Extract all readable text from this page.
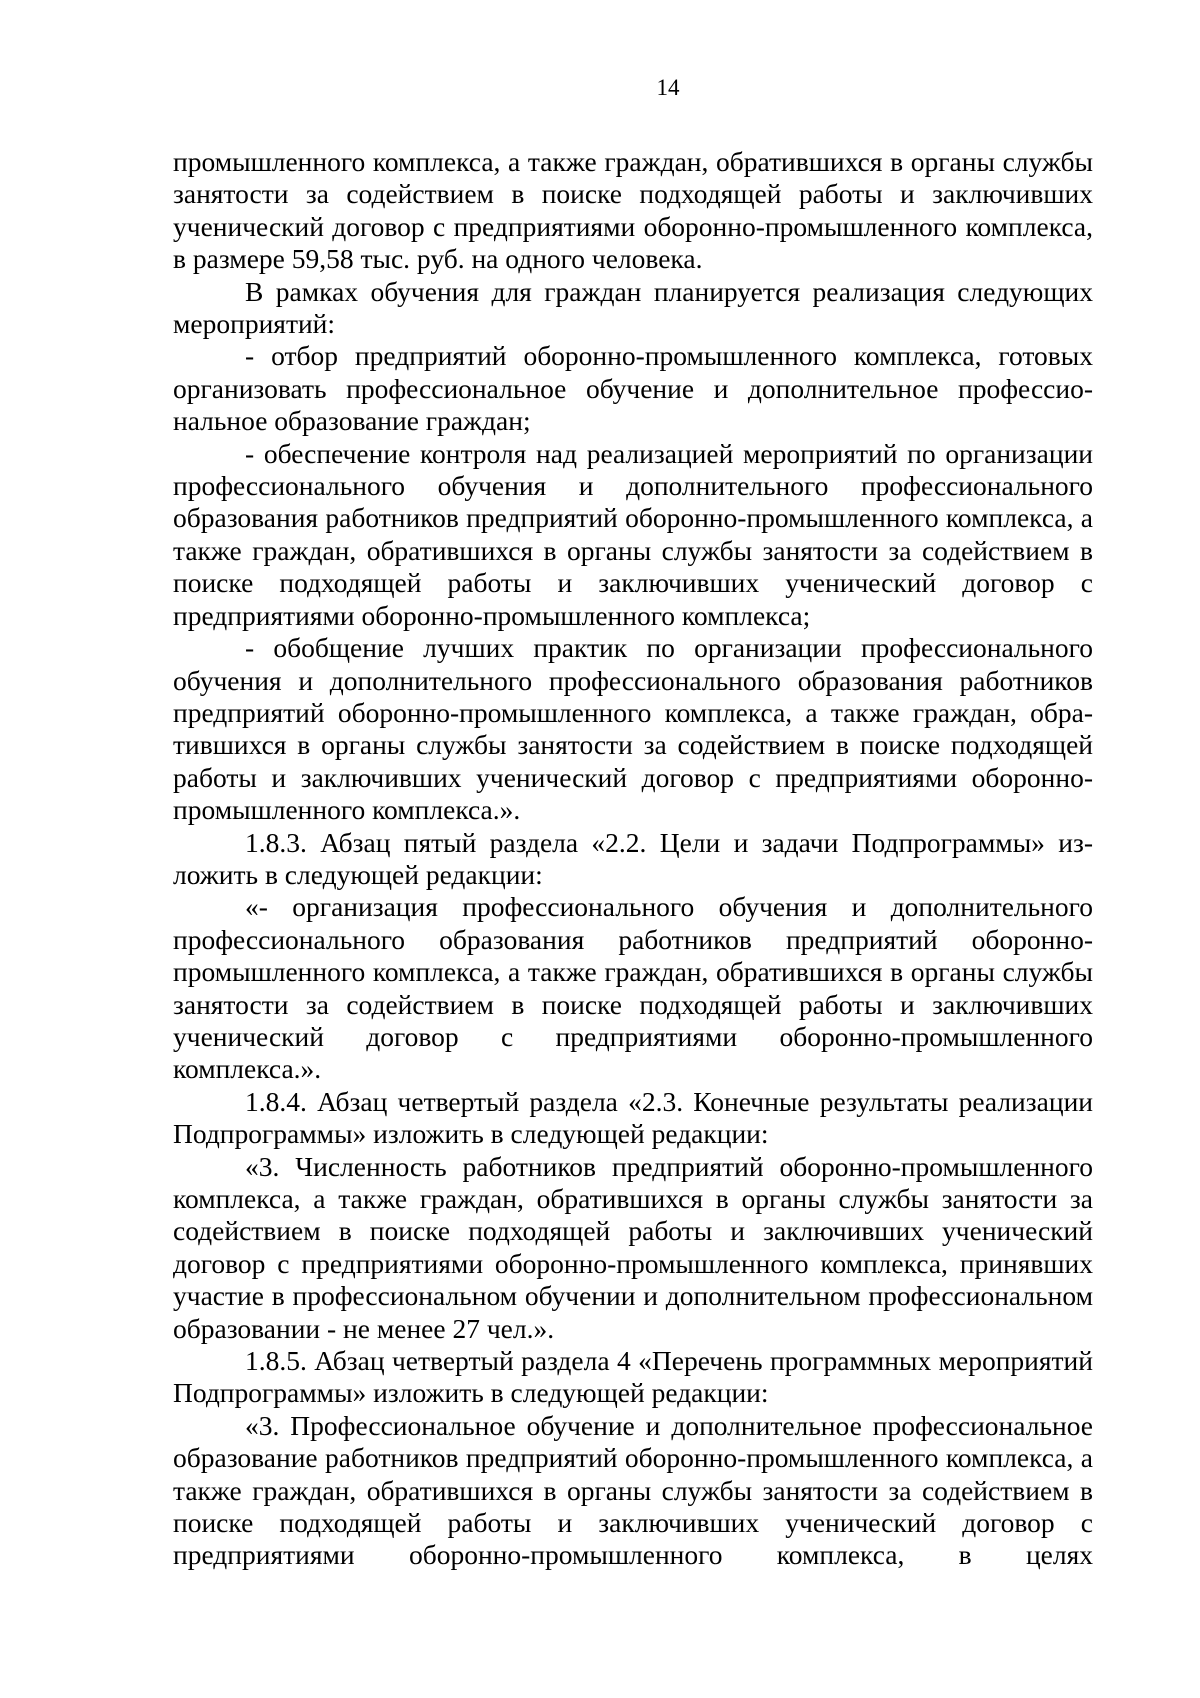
14

промышленного комплекса, а также граждан, обратившихся в органы службы занятости за содействием в поиске подходящей работы и заключивших ученический договор с предприятиями оборонно-промышленного комплекса, в размере 59,58 тыс. руб. на одного человека.

В рамках обучения для граждан планируется реализация следующих мероприятий:

- отбор предприятий оборонно-промышленного комплекса, готовых организовать профессиональное обучение и дополнительное профессиональное образование граждан;

- обеспечение контроля над реализацией мероприятий по организации профессионального обучения и дополнительного профессионального образования работников предприятий оборонно-промышленного комплекса, а также граждан, обратившихся в органы службы занятости за содействием в поиске подходящей работы и заключивших ученический договор с предприятиями оборонно-промышленного комплекса;

- обобщение лучших практик по организации профессионального обучения и дополнительного профессионального образования работников предприятий оборонно-промышленного комплекса, а также граждан, обратившихся в органы службы занятости за содействием в поиске подходящей работы и заключивших ученический договор с предприятиями оборонно-промышленного комплекса.».

1.8.3. Абзац пятый раздела «2.2. Цели и задачи Подпрограммы» изложить в следующей редакции:

«- организация профессионального обучения и дополнительного профессионального образования работников предприятий оборонно-промышленного комплекса, а также граждан, обратившихся в органы службы занятости за содействием в поиске подходящей работы и заключивших ученический договор с предприятиями оборонно-промышленного комплекса.».

1.8.4. Абзац четвертый раздела «2.3. Конечные результаты реализации Подпрограммы» изложить в следующей редакции:

«3. Численность работников предприятий оборонно-промышленного комплекса, а также граждан, обратившихся в органы службы занятости за содействием в поиске подходящей работы и заключивших ученический договор с предприятиями оборонно-промышленного комплекса, принявших участие в профессиональном обучении и дополнительном профессиональном образовании - не менее 27 чел.».

1.8.5. Абзац четвертый раздела 4 «Перечень программных мероприятий Подпрограммы» изложить в следующей редакции:

«3. Профессиональное обучение и дополнительное профессиональное образование работников предприятий оборонно-промышленного комплекса, а также граждан, обратившихся в органы службы занятости за содействием в поиске подходящей работы и заключивших ученический договор с предприятиями оборонно-промышленного комплекса, в целях
